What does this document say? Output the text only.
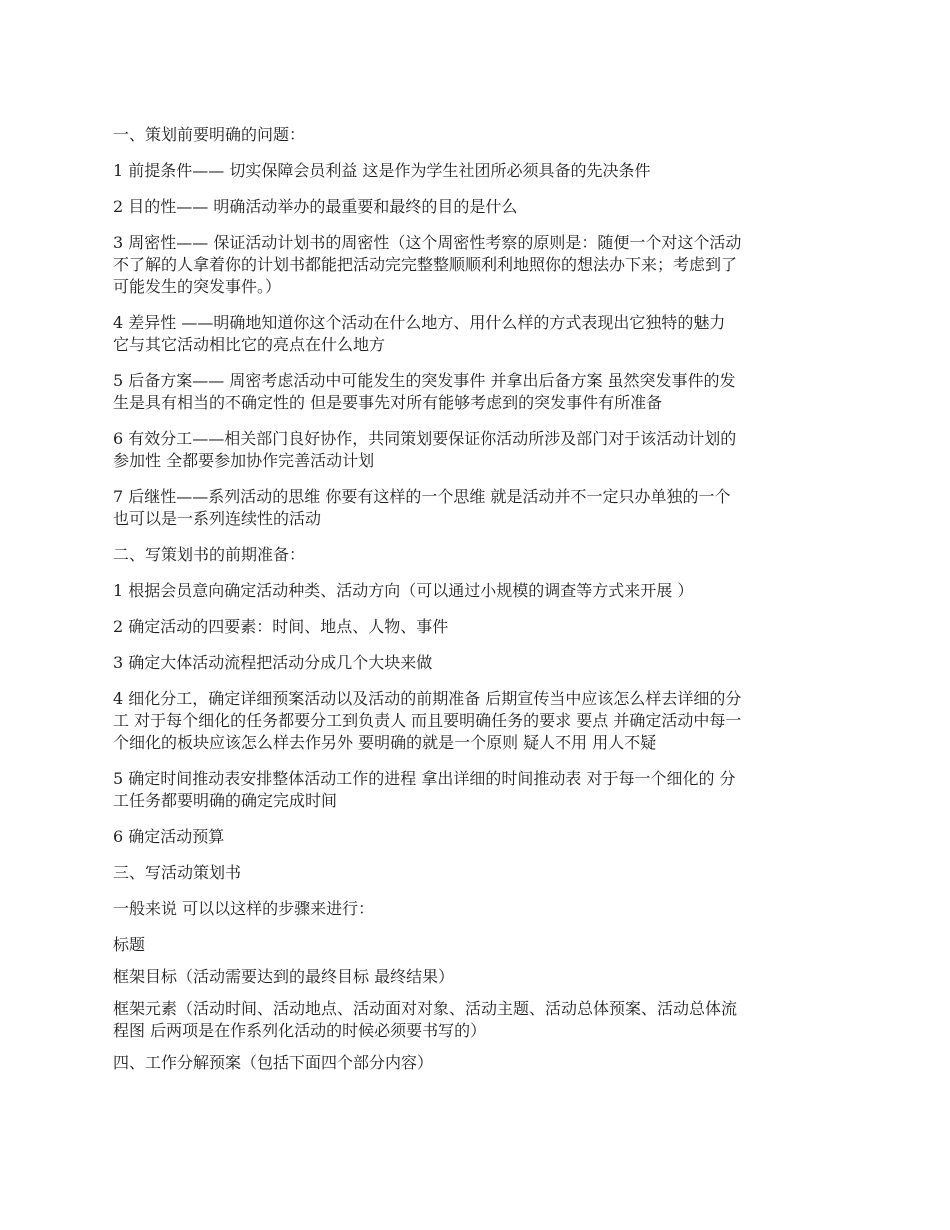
一、策划前要明确的问题：
1 前提条件—— 切实保障会员利益 这是作为学生社团所必须具备的先决条件
2 目的性—— 明确活动举办的最重要和最终的目的是什么
3 周密性—— 保证活动计划书的周密性（这个周密性考察的原则是：随便一个对这个活动
不了解的人拿着你的计划书都能把活动完完整整顺顺利利地照你的想法办下来；考虑到了
可能发生的突发事件。）
4 差异性 ——明确地知道你这个活动在什么地方、用什么样的方式表现出它独特的魅力
它与其它活动相比它的亮点在什么地方
5 后备方案—— 周密考虑活动中可能发生的突发事件 并拿出后备方案 虽然突发事件的发
生是具有相当的不确定性的 但是要事先对所有能够考虑到的突发事件有所准备
6 有效分工——相关部门良好协作，共同策划要保证你活动所涉及部门对于该活动计划的
参加性 全都要参加协作完善活动计划
7 后继性——系列活动的思维 你要有这样的一个思维 就是活动并不一定只办单独的一个
也可以是一系列连续性的活动
二、写策划书的前期准备：
1 根据会员意向确定活动种类、活动方向（可以通过小规模的调查等方式来开展 ）
2 确定活动的四要素：时间、地点、人物、事件
3 确定大体活动流程把活动分成几个大块来做
4 细化分工，确定详细预案活动以及活动的前期准备 后期宣传当中应该怎么样去详细的分
工 对于每个细化的任务都要分工到负责人 而且要明确任务的要求 要点 并确定活动中每一
个细化的板块应该怎么样去作另外 要明确的就是一个原则 疑人不用 用人不疑
5 确定时间推动表安排整体活动工作的进程 拿出详细的时间推动表 对于每一个细化的 分
工任务都要明确的确定完成时间
6 确定活动预算
三、写活动策划书
一般来说 可以以这样的步骤来进行：
标题
框架目标（活动需要达到的最终目标 最终结果）
框架元素（活动时间、活动地点、活动面对对象、活动主题、活动总体预案、活动总体流
程图 后两项是在作系列化活动的时候必须要书写的）
四、工作分解预案（包括下面四个部分内容）
